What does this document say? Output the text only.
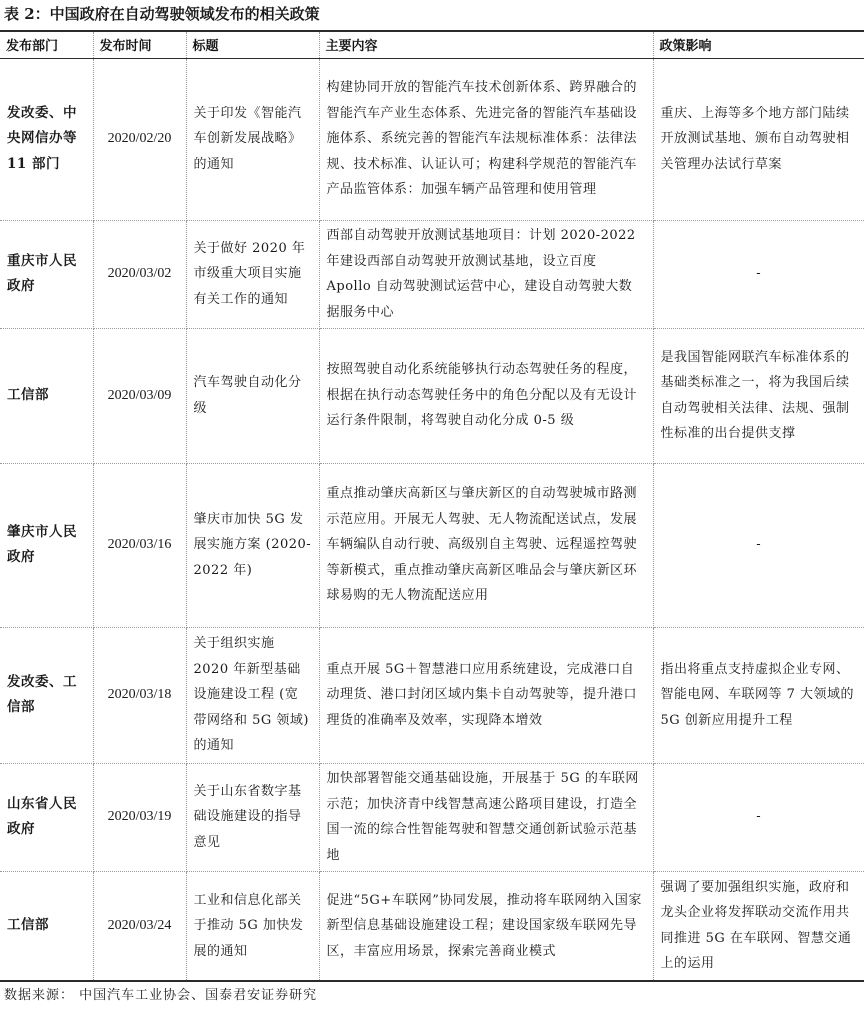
表 2：中国政府在自动驾驶领域发布的相关政策
发布部门	发布时间	标题	主要内容	政策影响
发改委、中央网信办等 11 部门	2020/02/20	关于印发《智能汽车创新发展战略》的通知	构建协同开放的智能汽车技术创新体系、跨界融合的智能汽车产业生态体系、先进完备的智能汽车基础设施体系、系统完善的智能汽车法规标准体系：法律法规、技术标准、认证认可；构建科学规范的智能汽车产品监管体系：加强车辆产品管理和使用管理	重庆、上海等多个地方部门陆续开放测试基地、颁布自动驾驶相关管理办法试行草案
重庆市人民政府	2020/03/02	关于做好 2020 年市级重大项目实施有关工作的通知	西部自动驾驶开放测试基地项目：计划 2020-2022 年建设西部自动驾驶开放测试基地，设立百度 Apollo 自动驾驶测试运营中心，建设自动驾驶大数据服务中心	-
工信部	2020/03/09	汽车驾驶自动化分级	按照驾驶自动化系统能够执行动态驾驶任务的程度，根据在执行动态驾驶任务中的角色分配以及有无设计运行条件限制，将驾驶自动化分成 0-5 级	是我国智能网联汽车标准体系的基础类标准之一，将为我国后续自动驾驶相关法律、法规、强制性标准的出台提供支撑
肇庆市人民政府	2020/03/16	肇庆市加快 5G 发展实施方案 (2020-2022 年)	重点推动肇庆高新区与肇庆新区的自动驾驶城市路测示范应用。开展无人驾驶、无人物流配送试点，发展车辆编队自动行驶、高级别自主驾驶、远程遥控驾驶等新模式，重点推动肇庆高新区唯品会与肇庆新区环球易购的无人物流配送应用	-
发改委、工信部	2020/03/18	关于组织实施 2020 年新型基础设施建设工程 (宽带网络和 5G 领域)的通知	重点开展 5G＋智慧港口应用系统建设，完成港口自动理货、港口封闭区域内集卡自动驾驶等，提升港口理货的准确率及效率，实现降本增效	指出将重点支持虚拟企业专网、智能电网、车联网等 7 大领域的 5G 创新应用提升工程
山东省人民政府	2020/03/19	关于山东省数字基础设施建设的指导意见	加快部署智能交通基础设施，开展基于 5G 的车联网示范；加快济青中线智慧高速公路项目建设，打造全国一流的综合性智能驾驶和智慧交通创新试验示范基地	-
工信部	2020/03/24	工业和信息化部关于推动 5G 加快发展的通知	促进“5G+车联网”协同发展，推动将车联网纳入国家新型信息基础设施建设工程；建设国家级车联网先导区，丰富应用场景，探索完善商业模式	强调了要加强组织实施，政府和龙头企业将发挥联动交流作用共同推进 5G 在车联网、智慧交通上的运用
数据来源： 中国汽车工业协会、国泰君安证券研究
